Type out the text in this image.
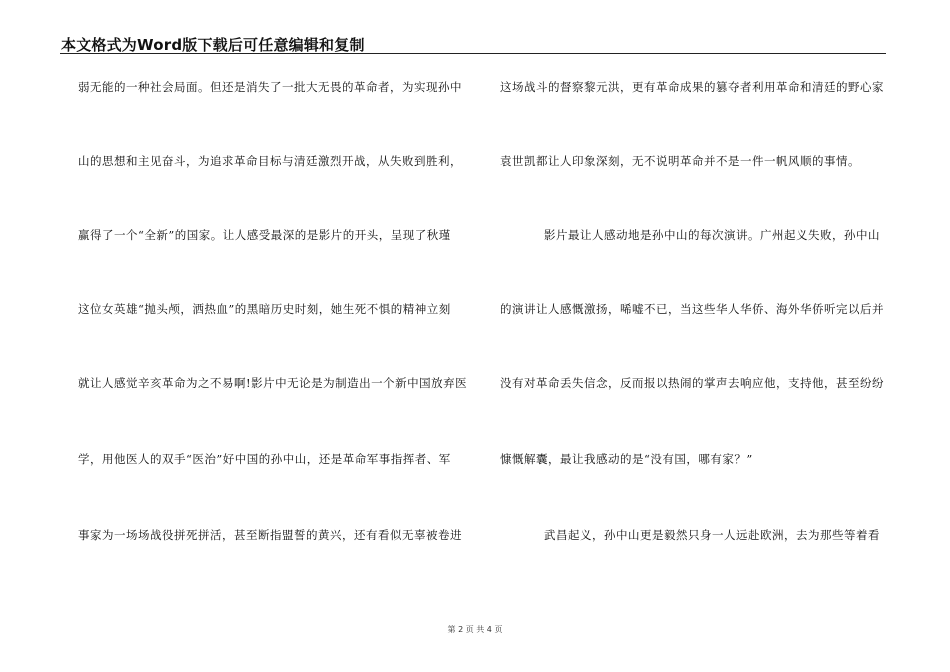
本文格式为Word版下载后可任意编辑和复制
弱无能的一种社会局面。但还是消失了一批大无畏的革命者，为实现孙中
山的思想和主见奋斗，为追求革命目标与清廷激烈开战，从失败到胜利，
赢得了一个“全新”的国家。让人感受最深的是影片的开头，呈现了秋瑾
这位女英雄“抛头颅，洒热血”的黑暗历史时刻，她生死不惧的精神立刻
就让人感觉辛亥革命为之不易啊!影片中无论是为制造出一个新中国放弃医
学，用他医人的双手“医治”好中国的孙中山，还是革命军事指挥者、军
事家为一场场战役拼死拼活，甚至断指盟誓的黄兴，还有看似无辜被卷进
这场战斗的督察黎元洪，更有革命成果的篡夺者利用革命和清廷的野心家
袁世凯都让人印象深刻，无不说明革命并不是一件一帆风顺的事情。
影片最让人感动地是孙中山的每次演讲。广州起义失败，孙中山
的演讲让人感慨激扬，唏嘘不已，当这些华人华侨、海外华侨听完以后并
没有对革命丢失信念，反而报以热闹的掌声去响应他，支持他，甚至纷纷
慷慨解囊，最让我感动的是“没有国，哪有家？”
武昌起义，孙中山更是毅然只身一人远赴欧洲，去为那些等着看
第 2 页 共 4 页
